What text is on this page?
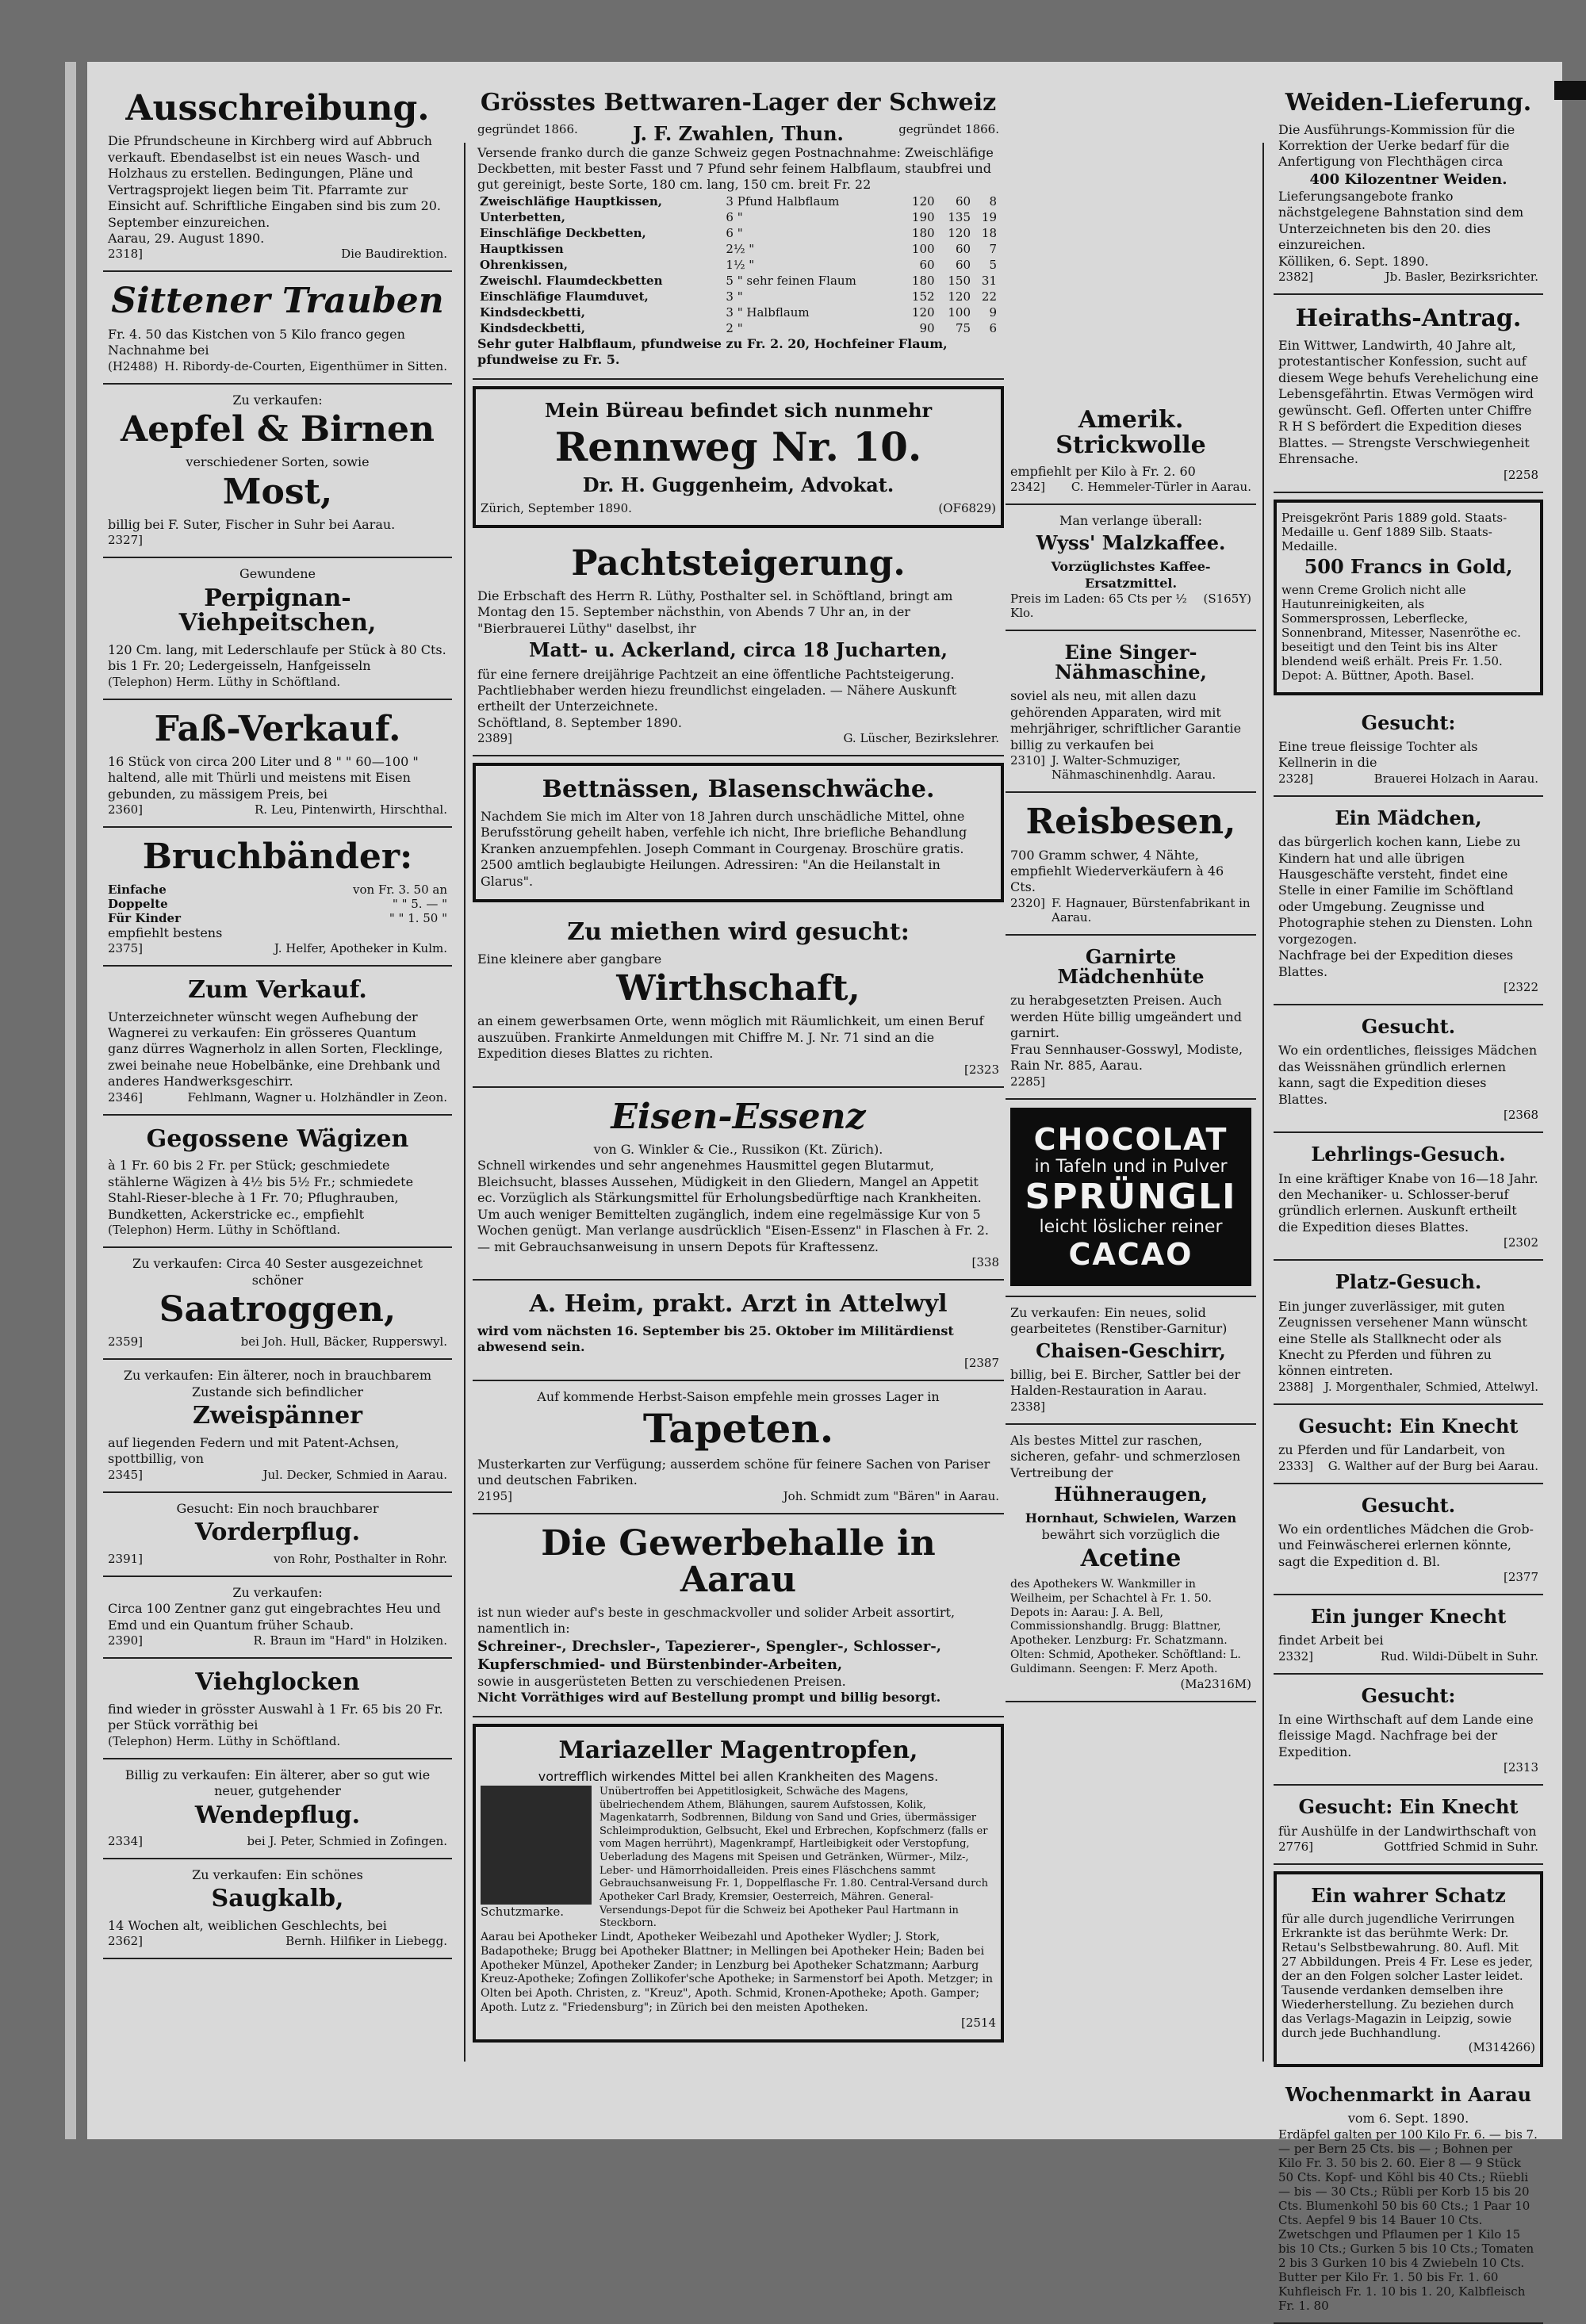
Ausschreibung.
Die Pfrundscheune in Kirchberg wird auf Abbruch verkauft. Ebendaselbst ist ein neues Wasch- und Holzhaus zu erstellen. Bedingungen, Pläne und Vertragsprojekt liegen beim Tit. Pfarramte zur Einsicht auf. Schriftliche Eingaben sind bis zum 20. September einzureichen.
Aarau, 29. August 1890.
2318]	Die Baudirektion.
Sittener Trauben
Fr. 4. 50 das Kistchen von 5 Kilo franco gegen Nachnahme bei
(H2488) H. Ribordy-de-Courten, Eigenthümer in Sitten.
Zu verkaufen:
Aepfel & Birnen
verschiedener Sorten, sowie
Most,
billig bei F. Suter, Fischer in Suhr bei Aarau.
2327]
Gewundene
Perpignan-Viehpeitschen,
120 Cm. lang, mit Lederschlaufe per Stück à 80 Cts. bis 1 Fr. 20; Ledergeisseln, Hanfgeisseln
(Telephon) Herm. Lüthy in Schöftland.
Faß-Verkauf.
16 Stück von circa 200 Liter und 8 " " 60—100 " haltend, alle mit Thürli und meistens mit Eisen gebunden, zu mässigem Preis, bei
2360]	R. Leu, Pintenwirth, Hirschthal.
Bruchbänder:
Einfache	von Fr. 3. 50 an
Doppelte	" " 5. — "
Für Kinder	" " 1. 50 "
empfiehlt bestens
2375]	J. Helfer, Apotheker in Kulm.
Zum Verkauf.
Unterzeichneter wünscht wegen Aufhebung der Wagnerei zu verkaufen: Ein grösseres Quantum ganz dürres Wagnerholz in allen Sorten, Flecklinge, zwei beinahe neue Hobelbänke, eine Drehbank und anderes Handwerksgeschirr.
2346]	Fehlmann, Wagner u. Holzhändler in Zeon.
Gegossene Wägizen
à 1 Fr. 60 bis 2 Fr. per Stück; geschmiedete stählerne Wägizen à 4½ bis 5½ Fr.; schmiedete Stahl-Rieser-bleche à 1 Fr. 70; Pflughrauben, Bundketten, Ackerstricke ec., empfiehlt
(Telephon) Herm. Lüthy in Schöftland.
Zu verkaufen: Circa 40 Sester ausgezeichnet schöner
Saatroggen,
2359]	bei Joh. Hull, Bäcker, Rupperswyl.
Zu verkaufen: Ein älterer, noch in brauchbarem Zustande sich befindlicher
Zweispänner
auf liegenden Federn und mit Patent-Achsen, spottbillig, von
2345]	Jul. Decker, Schmied in Aarau.
Gesucht: Ein noch brauchbarer
Vorderpflug.
2391]	von Rohr, Posthalter in Rohr.
Zu verkaufen:
Circa 100 Zentner ganz gut eingebrachtes Heu und Emd und ein Quantum früher Schaub.
2390]	R. Braun im "Hard" in Holziken.
Viehglocken
find wieder in grösster Auswahl à 1 Fr. 65 bis 20 Fr. per Stück vorräthig bei
(Telephon) Herm. Lüthy in Schöftland.
Billig zu verkaufen: Ein älterer, aber so gut wie neuer, gutgehender
Wendepflug.
2334]	bei J. Peter, Schmied in Zofingen.
Zu verkaufen: Ein schönes
Saugkalb,
14 Wochen alt, weiblichen Geschlechts, bei
2362]	Bernh. Hilfiker in Liebegg.
Grösstes Bettwaren-Lager der Schweiz
gegründet 1866.	J. F. Zwahlen, Thun.	gegründet 1866.
Versende franko durch die ganze Schweiz gegen Postnachnahme: Zweischläfige Deckbetten, mit bester Fasst und 7 Pfund sehr feinem Halbflaum, staubfrei und gut gereinigt, beste Sorte, 180 cm. lang, 150 cm. breit Fr. 22
Zweischläfige Hauptkissen,	3 Pfund Halbflaum	120	60	8
Unterbetten,	6 "	190	135	19
Einschläfige Deckbetten,	6 "	180	120	18
Hauptkissen	2½ "	100	60	7
Ohrenkissen,	1½ "	60	60	5
Zweischl. Flaumdeckbetten	5 " sehr feinen Flaum	180	150	31
Einschläfige Flaumduvet,	3 "	152	120	22
Kindsdeckbetti,	3 " Halbflaum	120	100	9
Kindsdeckbetti,	2 "	90	75	6
Sehr guter Halbflaum, pfundweise zu Fr. 2. 20, Hochfeiner Flaum, pfundweise zu Fr. 5.
Mein Büreau befindet sich nunmehr
Rennweg Nr. 10.
Dr. H. Guggenheim, Advokat.
Zürich, September 1890.	(OF6829)
Pachtsteigerung.
Die Erbschaft des Herrn R. Lüthy, Posthalter sel. in Schöftland, bringt am Montag den 15. September nächsthin, von Abends 7 Uhr an, in der "Bierbrauerei Lüthy" daselbst, ihr
Matt- u. Ackerland, circa 18 Jucharten,
für eine fernere dreijährige Pachtzeit an eine öffentliche Pachtsteigerung. Pachtliebhaber werden hiezu freundlichst eingeladen. — Nähere Auskunft ertheilt der Unterzeichnete.
Schöftland, 8. September 1890.
2389]	G. Lüscher, Bezirkslehrer.
Bettnässen, Blasenschwäche.
Nachdem Sie mich im Alter von 18 Jahren durch unschädliche Mittel, ohne Berufsstörung geheilt haben, verfehle ich nicht, Ihre briefliche Behandlung Kranken anzuempfehlen. Joseph Commant in Courgenay. Broschüre gratis. 2500 amtlich beglaubigte Heilungen. Adressiren: "An die Heilanstalt in Glarus".
Zu miethen wird gesucht:
Eine kleinere aber gangbare
Wirthschaft,
an einem gewerbsamen Orte, wenn möglich mit Räumlichkeit, um einen Beruf auszuüben. Frankirte Anmeldungen mit Chiffre M. J. Nr. 71 sind an die Expedition dieses Blattes zu richten.
[2323
Eisen-Essenz
von G. Winkler & Cie., Russikon (Kt. Zürich).
Schnell wirkendes und sehr angenehmes Hausmittel gegen Blutarmut, Bleichsucht, blasses Aussehen, Müdigkeit in den Gliedern, Mangel an Appetit ec. Vorzüglich als Stärkungsmittel für Erholungsbedürftige nach Krankheiten. Um auch weniger Bemittelten zugänglich, indem eine regelmässige Kur von 5 Wochen genügt. Man verlange ausdrücklich "Eisen-Essenz" in Flaschen à Fr. 2. — mit Gebrauchsanweisung in unsern Depots für Kraftessenz.
[338
A. Heim, prakt. Arzt in Attelwyl
wird vom nächsten 16. September bis 25. Oktober im Militärdienst abwesend sein.
[2387
Auf kommende Herbst-Saison empfehle mein grosses Lager in
Tapeten.
Musterkarten zur Verfügung; ausserdem schöne für feinere Sachen von Pariser und deutschen Fabriken.
2195]	Joh. Schmidt zum "Bären" in Aarau.
Die Gewerbehalle in Aarau
ist nun wieder auf's beste in geschmackvoller und solider Arbeit assortirt, namentlich in:
Schreiner-, Drechsler-, Tapezierer-, Spengler-, Schlosser-, Kupferschmied- und Bürstenbinder-Arbeiten,
sowie in ausgerüsteten Betten zu verschiedenen Preisen.
Nicht Vorräthiges wird auf Bestellung prompt und billig besorgt.
Mariazeller Magentropfen,
vortrefflich wirkendes Mittel bei allen Krankheiten des Magens.
Schutzmarke.
Unübertroffen bei Appetitlosigkeit, Schwäche des Magens, übelriechendem Athem, Blähungen, saurem Aufstossen, Kolik, Magenkatarrh, Sodbrennen, Bildung von Sand und Gries, übermässiger Schleimproduktion, Gelbsucht, Ekel und Erbrechen, Kopfschmerz (falls er vom Magen herrührt), Magenkrampf, Hartleibigkeit oder Verstopfung, Ueberladung des Magens mit Speisen und Getränken, Würmer-, Milz-, Leber- und Hämorrhoidalleiden. Preis eines Fläschchens sammt Gebrauchsanweisung Fr. 1, Doppelflasche Fr. 1.80. Central-Versand durch Apotheker Carl Brady, Kremsier, Oesterreich, Mähren. General-Versendungs-Depot für die Schweiz bei Apotheker Paul Hartmann in Steckborn.
Aarau bei Apotheker Lindt, Apotheker Weibezahl und Apotheker Wydler; J. Stork, Badapotheke; Brugg bei Apotheker Blattner; in Mellingen bei Apotheker Hein; Baden bei Apotheker Münzel, Apotheker Zander; in Lenzburg bei Apotheker Schatzmann; Aarburg Kreuz-Apotheke; Zofingen Zollikofer'sche Apotheke; in Sarmenstorf bei Apoth. Metzger; in Olten bei Apoth. Christen, z. "Kreuz", Apoth. Schmid, Kronen-Apotheke; Apoth. Gamper; Apoth. Lutz z. "Friedensburg"; in Zürich bei den meisten Apotheken.
[2514
Amerik. Strickwolle
empfiehlt per Kilo à Fr. 2. 60
2342] C. Hemmeler-Türler in Aarau.
Man verlange überall:
Wyss' Malzkaffee.
Vorzüglichstes Kaffee-Ersatzmittel.
Preis im Laden: 65 Cts per ½ Klo.
(S165Y)
Eine Singer-Nähmaschine,
soviel als neu, mit allen dazu gehörenden Apparaten, wird mit mehrjähriger, schriftlicher Garantie billig zu verkaufen bei
2310] J. Walter-Schmuziger, Nähmaschinenhdlg. Aarau.
Reisbesen,
700 Gramm schwer, 4 Nähte, empfiehlt Wiederverkäufern à 46 Cts.
2320] F. Hagnauer, Bürstenfabrikant in Aarau.
Garnirte Mädchenhüte
zu herabgesetzten Preisen. Auch werden Hüte billig umgeändert und garnirt.
Frau Sennhauser-Gosswyl, Modiste, Rain Nr. 885, Aarau.
2285]
CHOCOLAT
in Tafeln und in Pulver
SPRÜNGLI
leicht löslicher reiner
CACAO
Zu verkaufen: Ein neues, solid gearbeitetes (Renstiber-Garnitur)
Chaisen-Geschirr,
billig, bei E. Bircher, Sattler bei der Halden-Restauration in Aarau.
2338]
Als bestes Mittel zur raschen, sicheren, gefahr- und schmerzlosen Vertreibung der
Hühneraugen,
Hornhaut, Schwielen, Warzen
bewährt sich vorzüglich die
Acetine
des Apothekers W. Wankmiller in Weilheim, per Schachtel à Fr. 1. 50. Depots in: Aarau: J. A. Bell, Commissionshandlg. Brugg: Blattner, Apotheker. Lenzburg: Fr. Schatzmann. Olten: Schmid, Apotheker. Schöftland: L. Guldimann. Seengen: F. Merz Apoth.
(Ma2316M)
Weiden-Lieferung.
Die Ausführungs-Kommission für die Korrektion der Uerke bedarf für die Anfertigung von Flechthägen circa
400 Kilozentner Weiden.
Lieferungsangebote franko nächstgelegene Bahnstation sind dem Unterzeichneten bis den 20. dies einzureichen.
Kölliken, 6. Sept. 1890.
2382]	Jb. Basler, Bezirksrichter.
Heiraths-Antrag.
Ein Wittwer, Landwirth, 40 Jahre alt, protestantischer Konfession, sucht auf diesem Wege behufs Verehelichung eine Lebensgefährtin. Etwas Vermögen wird gewünscht. Gefl. Offerten unter Chiffre R H S befördert die Expedition dieses Blattes. — Strengste Verschwiegenheit Ehrensache.
[2258
Preisgekrönt Paris 1889 gold. Staats-Medaille u. Genf 1889 Silb. Staats-Medaille.
500 Francs in Gold,
wenn Creme Grolich nicht alle Hautunreinigkeiten, als Sommersprossen, Leberflecke, Sonnenbrand, Mitesser, Nasenröthe ec. beseitigt und den Teint bis ins Alter blendend weiß erhält. Preis Fr. 1.50. Depot: A. Büttner, Apoth. Basel.
Gesucht:
Eine treue fleissige Tochter als Kellnerin in die
2328]	Brauerei Holzach in Aarau.
Ein Mädchen,
das bürgerlich kochen kann, Liebe zu Kindern hat und alle übrigen Hausgeschäfte versteht, findet eine Stelle in einer Familie im Schöftland oder Umgebung. Zeugnisse und Photographie stehen zu Diensten. Lohn vorgezogen.
Nachfrage bei der Expedition dieses Blattes.
[2322
Gesucht.
Wo ein ordentliches, fleissiges Mädchen das Weissnähen gründlich erlernen kann, sagt die Expedition dieses Blattes.
[2368
Lehrlings-Gesuch.
In eine kräftiger Knabe von 16—18 Jahr. den Mechaniker- u. Schlosser-beruf gründlich erlernen. Auskunft ertheilt die Expedition dieses Blattes.
[2302
Platz-Gesuch.
Ein junger zuverlässiger, mit guten Zeugnissen versehener Mann wünscht eine Stelle als Stallknecht oder als Knecht zu Pferden und führen zu können eintreten.
2388] J. Morgenthaler, Schmied, Attelwyl.
Gesucht: Ein Knecht
zu Pferden und für Landarbeit, von
2333] G. Walther auf der Burg bei Aarau.
Gesucht.
Wo ein ordentliches Mädchen die Grob- und Feinwäscherei erlernen könnte, sagt die Expedition d. Bl.
[2377
Ein junger Knecht
findet Arbeit bei
2332]	Rud. Wildi-Dübelt in Suhr.
Gesucht:
In eine Wirthschaft auf dem Lande eine fleissige Magd. Nachfrage bei der Expedition.
[2313
Gesucht: Ein Knecht
für Aushülfe in der Landwirthschaft von
2776]	Gottfried Schmid in Suhr.
Ein wahrer Schatz
für alle durch jugendliche Verirrungen Erkrankte ist das berühmte Werk: Dr. Retau's Selbstbewahrung. 80. Aufl. Mit 27 Abbildungen. Preis 4 Fr. Lese es jeder, der an den Folgen solcher Laster leidet. Tausende verdanken demselben ihre Wiederherstellung. Zu beziehen durch das Verlags-Magazin in Leipzig, sowie durch jede Buchhandlung.
(M314266)
Wochenmarkt in Aarau
vom 6. Sept. 1890.
Erdäpfel galten per 100 Kilo Fr. 6. — bis 7. — per Bern 25 Cts. bis — ; Bohnen per Kilo Fr. 3. 50 bis 2. 60. Eier 8 — 9 Stück 50 Cts. Kopf- und Köhl bis 40 Cts.; Rüebli — bis — 30 Cts.; Rübli per Korb 15 bis 20 Cts. Blumenkohl 50 bis 60 Cts.; 1 Paar 10 Cts. Aepfel 9 bis 14 Bauer 10 Cts. Zwetschgen und Pflaumen per 1 Kilo 15 bis 10 Cts.; Gurken 5 bis 10 Cts.; Tomaten 2 bis 3 Gurken 10 bis 4 Zwiebeln 10 Cts. Butter per Kilo Fr. 1. 50 bis Fr. 1. 60 Kuhfleisch Fr. 1. 10 bis 1. 20, Kalbfleisch Fr. 1. 80
